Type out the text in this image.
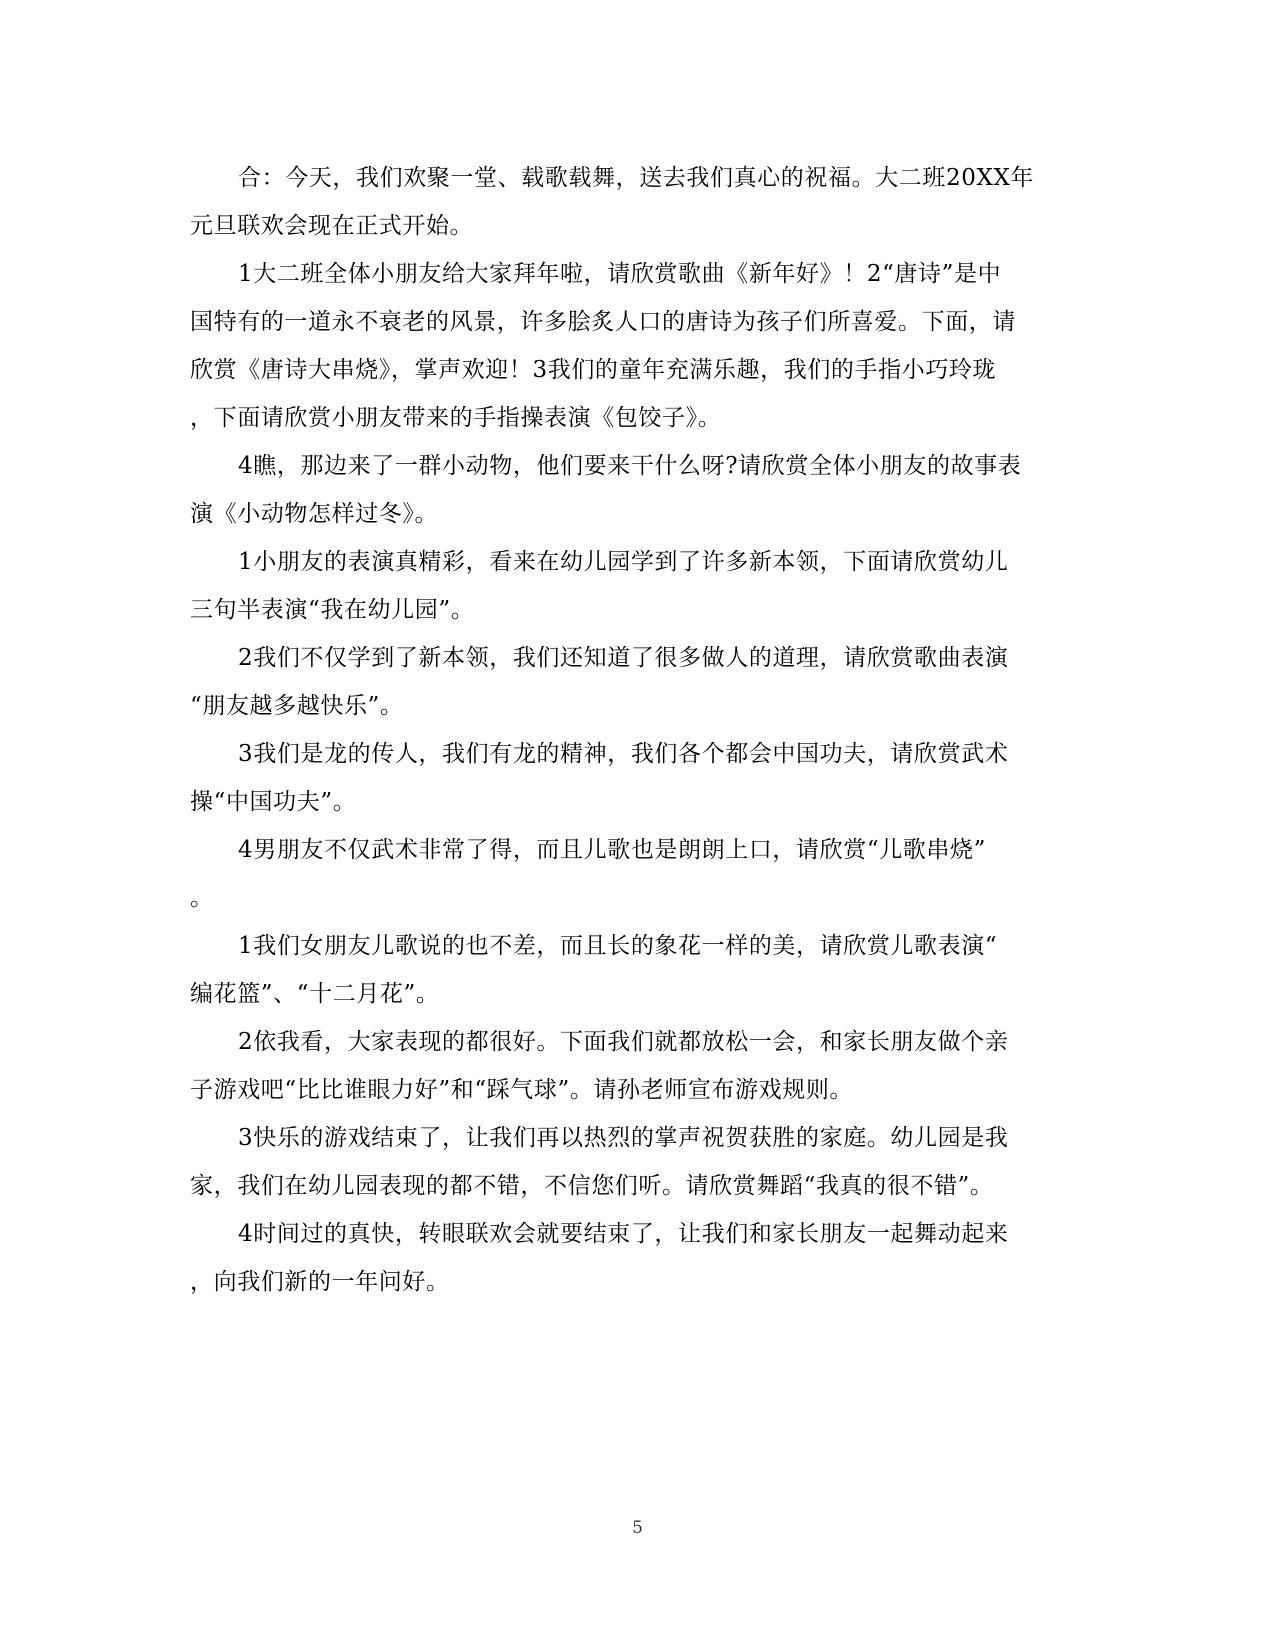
合：今天，我们欢聚一堂、载歌载舞，送去我们真心的祝福。大二班20XX年
元旦联欢会现在正式开始。

1大二班全体小朋友给大家拜年啦，请欣赏歌曲《新年好》！2“唐诗”是中
国特有的一道永不衰老的风景，许多脍炙人口的唐诗为孩子们所喜爱。下面，请
欣赏《唐诗大串烧》，掌声欢迎！3我们的童年充满乐趣，我们的手指小巧玲珑
，下面请欣赏小朋友带来的手指操表演《包饺子》。

4瞧，那边来了一群小动物，他们要来干什么呀?请欣赏全体小朋友的故事表
演《小动物怎样过冬》。

1小朋友的表演真精彩，看来在幼儿园学到了许多新本领，下面请欣赏幼儿
三句半表演“我在幼儿园”。

2我们不仅学到了新本领，我们还知道了很多做人的道理，请欣赏歌曲表演
“朋友越多越快乐”。

3我们是龙的传人，我们有龙的精神，我们各个都会中国功夫，请欣赏武术
操“中国功夫”。

4男朋友不仅武术非常了得，而且儿歌也是朗朗上口，请欣赏“儿歌串烧”
。

1我们女朋友儿歌说的也不差，而且长的象花一样的美，请欣赏儿歌表演“
编花篮”、“十二月花”。

2依我看，大家表现的都很好。下面我们就都放松一会，和家长朋友做个亲
子游戏吧“比比谁眼力好”和“踩气球”。请孙老师宣布游戏规则。

3快乐的游戏结束了，让我们再以热烈的掌声祝贺获胜的家庭。幼儿园是我
家，我们在幼儿园表现的都不错，不信您们听。请欣赏舞蹈“我真的很不错”。

4时间过的真快，转眼联欢会就要结束了，让我们和家长朋友一起舞动起来
，向我们新的一年问好。

5
